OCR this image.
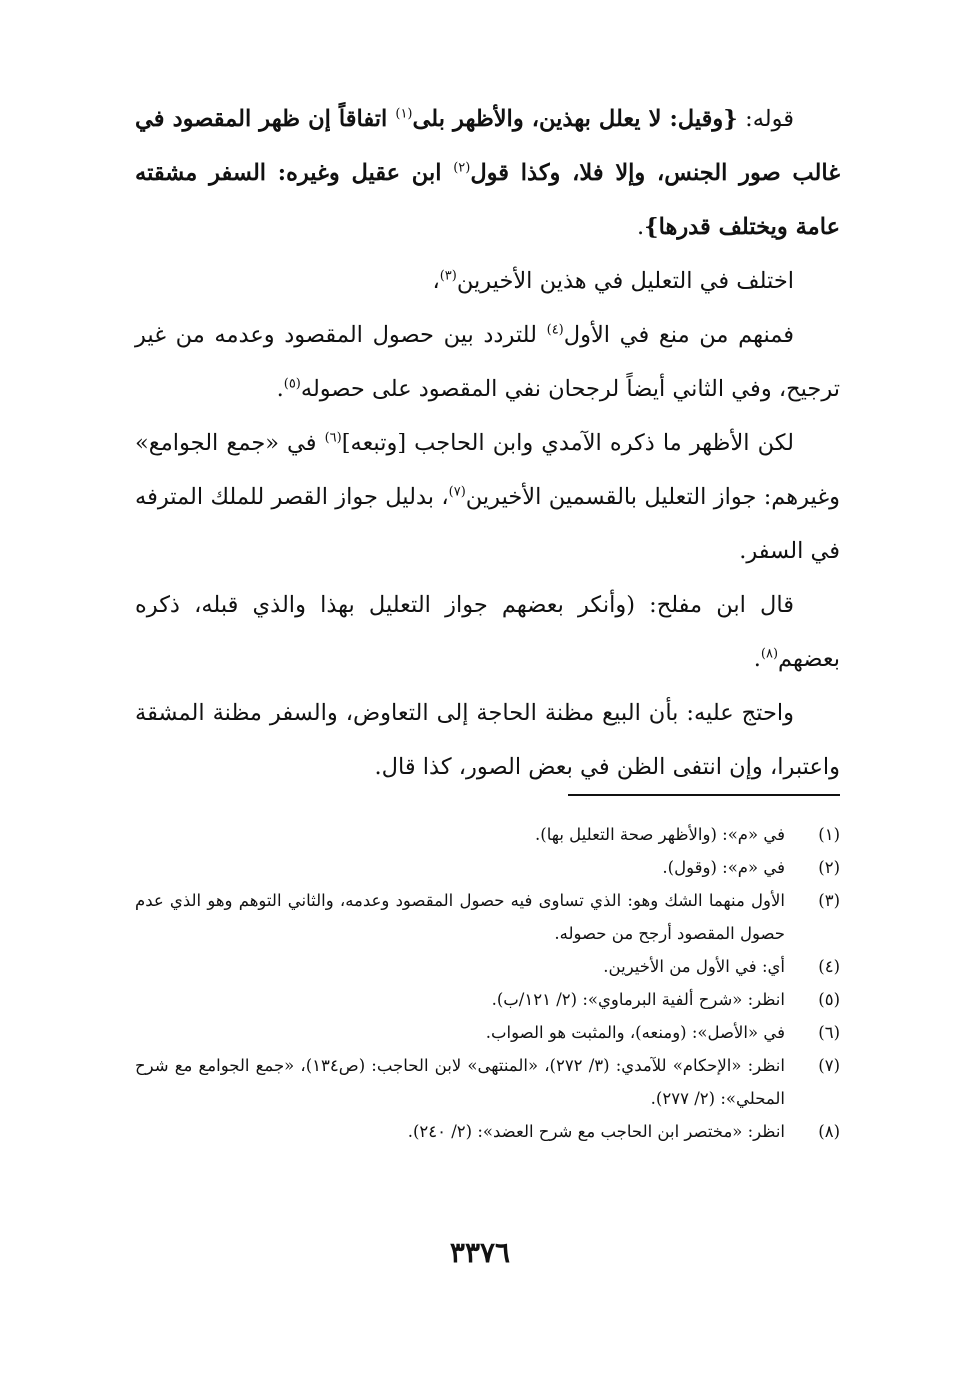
قوله: {وقيل: لا يعلل بهذين، والأظهر بلى$^{(١)}$ اتفاقاً إن ظهر المقصود في غالب صور الجنس، وإلا فلا، وكذا قول$^{(٢)}$ ابن عقيل وغيره: السفر مشقته عامة ويختلف قدرها}.

اختلف في التعليل في هذين الأخيرين$^{(٣)}$،

فمنهم من منع في الأول$^{(٤)}$ للتردد بين حصول المقصود وعدمه من غير ترجيح، وفي الثاني أيضاً لرجحان نفي المقصود على حصوله$^{(٥)}$.

لكن الأظهر ما ذكره الآمدي وابن الحاجب [وتبعه]$^{(٦)}$ في «جمع الجوامع» وغيرهم: جواز التعليل بالقسمين الأخيرين$^{(٧)}$، بدليل جواز القصر للملك المترفه في السفر.

قال ابن مفلح: (وأنكر بعضهم جواز التعليل بهذا والذي قبله، ذكره بعضهم$^{(٨)}$.

واحتج عليه: بأن البيع مظنة الحاجة إلى التعاوض، والسفر مظنة المشقة واعتبرا، وإن انتفى الظن في بعض الصور، كذا قال.

(١)
في «م»: (والأظهر صحة التعليل بها).
(٢)
في «م»: (وقول).
(٣)
الأول منهما الشك وهو: الذي تساوى فيه حصول المقصود وعدمه، والثاني التوهم وهو الذي عدم حصول المقصود أرجح من حصوله.
(٤)
أي: في الأول من الأخيرين.
(٥)
انظر: «شرح ألفية البرماوي»: (٢/ ١٢١/ب).
(٦)
في «الأصل»: (ومنعه)، والمثبت هو الصواب.
(٧)
انظر: «الإحكام» للآمدي: (٣/ ٢٧٢)، «المنتهى» لابن الحاجب: (ص١٣٤)، «جمع الجوامع مع شرح المحلي»: (٢/ ٢٧٧).
(٨)
انظر: «مختصر ابن الحاجب مع شرح العضد»: (٢/ ٢٤٠).
٣٣٧٦
